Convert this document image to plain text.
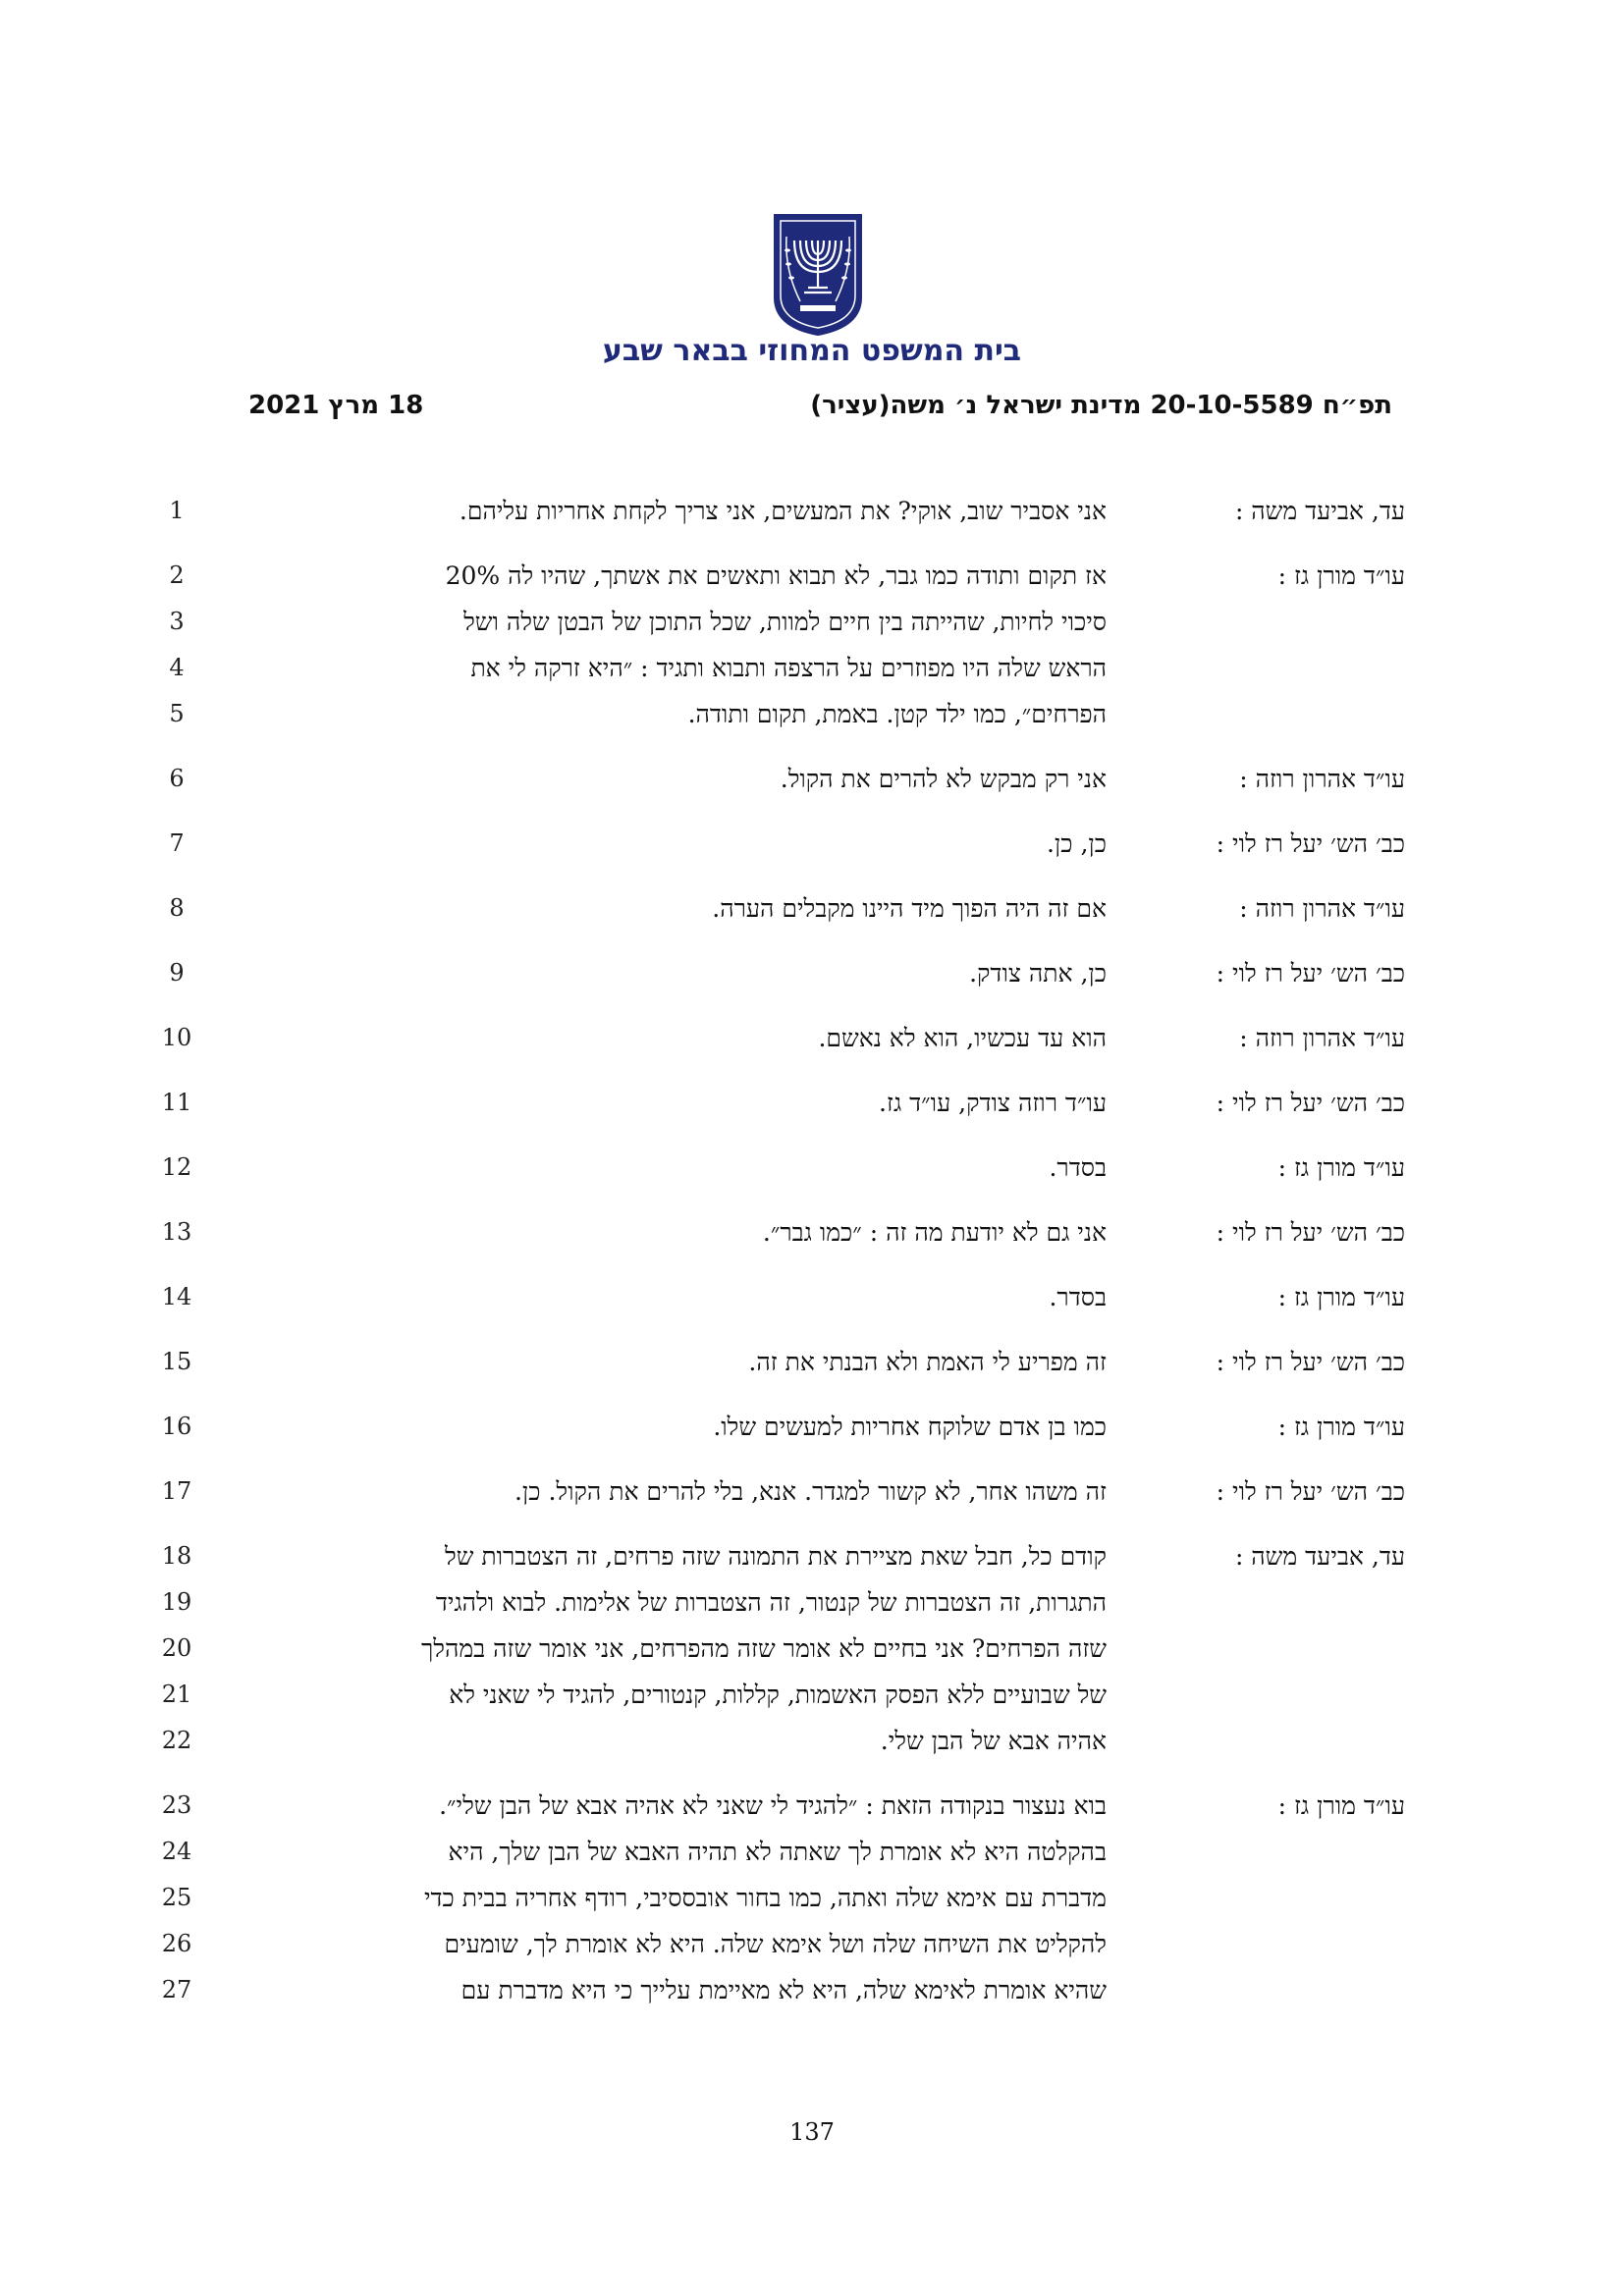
בית המשפט המחוזי בבאר שבע
תפ״ח 20-10-5589 מדינת ישראל נ׳ משה(עציר)
18 מרץ 2021
עד, אביעד משה :
1	אני אסביר שוב, אוקי? את המעשים, אני צריך לקחת אחריות עליהם.
עו״ד מורן גז :
2	אז תקום ותודה כמו גבר, לא תבוא ותאשים את אשתך, שהיו לה 20%
3	סיכוי לחיות, שהייתה בין חיים למוות, שכל התוכן של הבטן שלה ושל
4	הראש שלה היו מפוזרים על הרצפה ותבוא ותגיד : ״היא זרקה לי את
5	הפרחים״, כמו ילד קטן. באמת, תקום ותודה.
עו״ד אהרון רוזה :
6	אני רק מבקש לא להרים את הקול.
כב׳ הש׳ יעל רז לוי :
7	כן, כן.
עו״ד אהרון רוזה :
8	אם זה היה הפוך מיד היינו מקבלים הערה.
כב׳ הש׳ יעל רז לוי :
9	כן, אתה צודק.
עו״ד אהרון רוזה :
10	הוא עד עכשיו, הוא לא נאשם.
כב׳ הש׳ יעל רז לוי :
11	עו״ד רוזה צודק, עו״ד גז.
עו״ד מורן גז :
12	בסדר.
כב׳ הש׳ יעל רז לוי :
13	אני גם לא יודעת מה זה : ״כמו גבר״.
עו״ד מורן גז :
14	בסדר.
כב׳ הש׳ יעל רז לוי :
15	זה מפריע לי האמת ולא הבנתי את זה.
עו״ד מורן גז :
16	כמו בן אדם שלוקח אחריות למעשים שלו.
כב׳ הש׳ יעל רז לוי :
17	זה משהו אחר, לא קשור למגדר. אנא, בלי להרים את הקול. כן.
עד, אביעד משה :
18	קודם כל, חבל שאת מציירת את התמונה שזה פרחים, זה הצטברות של
19	התגרות, זה הצטברות של קנטור, זה הצטברות של אלימות. לבוא ולהגיד
20	שזה הפרחים? אני בחיים לא אומר שזה מהפרחים, אני אומר שזה במהלך
21	של שבועיים ללא הפסק האשמות, קללות, קנטורים, להגיד לי שאני לא
22	אהיה אבא של הבן שלי.
עו״ד מורן גז :
23	בוא נעצור בנקודה הזאת : ״להגיד לי שאני לא אהיה אבא של הבן שלי״.
24	בהקלטה היא לא אומרת לך שאתה לא תהיה האבא של הבן שלך, היא
25	מדברת עם אימא שלה ואתה, כמו בחור אובססיבי, רודף אחריה בבית כדי
26	להקליט את השיחה שלה ושל אימא שלה. היא לא אומרת לך, שומעים
27	שהיא אומרת לאימא שלה, היא לא מאיימת עלייך כי היא מדברת עם
137
